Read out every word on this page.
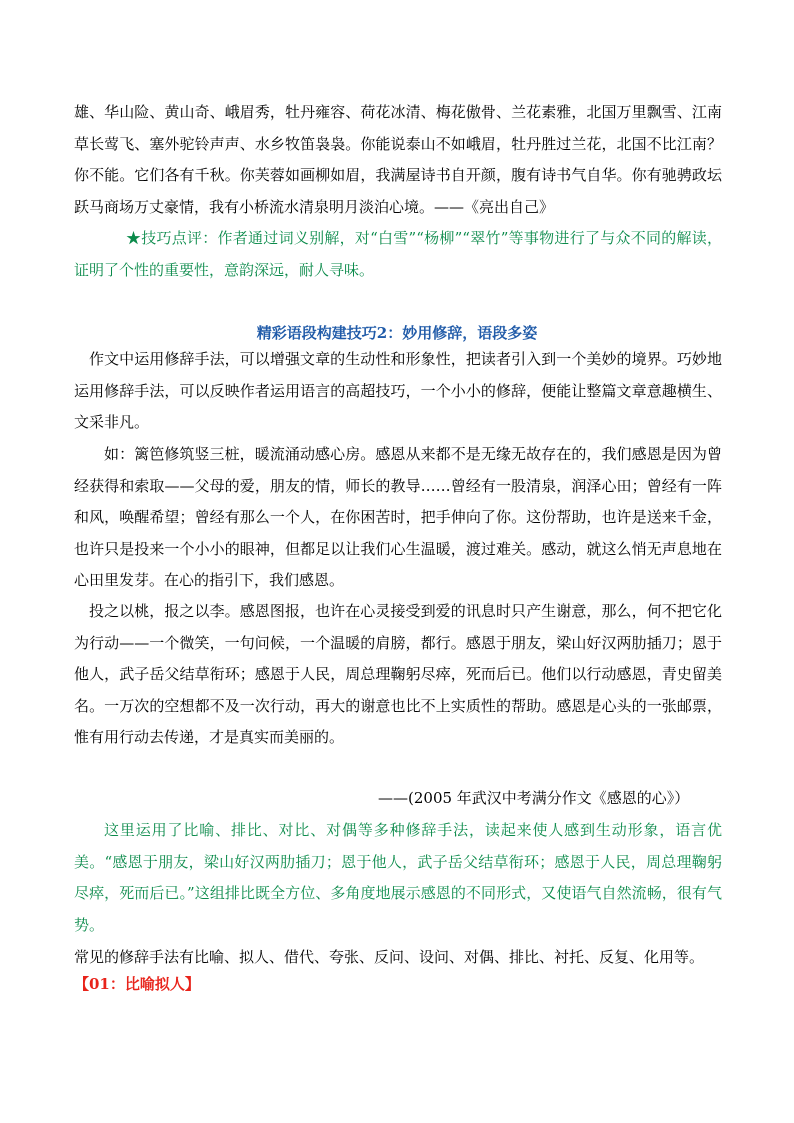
雄、华山险、黄山奇、峨眉秀，牡丹雍容、荷花冰清、梅花傲骨、兰花素雅，北国万里飘雪、江南草长莺飞、塞外驼铃声声、水乡牧笛袅袅。你能说泰山不如峨眉，牡丹胜过兰花，北国不比江南？你不能。它们各有千秋。你芙蓉如画柳如眉，我满屋诗书自开颜，腹有诗书气自华。你有驰骋政坛跃马商场万丈豪情，我有小桥流水清泉明月淡泊心境。——《亮出自己》

★技巧点评：作者通过词义别解，对“白雪”“杨柳”“翠竹”等事物进行了与众不同的解读，证明了个性的重要性，意韵深远，耐人寻味。

精彩语段构建技巧2：妙用修辞，语段多姿

作文中运用修辞手法，可以增强文章的生动性和形象性，把读者引入到一个美妙的境界。巧妙地运用修辞手法，可以反映作者运用语言的高超技巧，一个小小的修辞，便能让整篇文章意趣横生、文采非凡。

如：篱笆修筑竖三桩，暖流涌动感心房。感恩从来都不是无缘无故存在的，我们感恩是因为曾经获得和索取——父母的爱，朋友的情，师长的教导……曾经有一股清泉，润泽心田；曾经有一阵和风，唤醒希望；曾经有那么一个人，在你困苦时，把手伸向了你。这份帮助，也许是送来千金，也许只是投来一个小小的眼神，但都足以让我们心生温暖，渡过难关。感动，就这么悄无声息地在心田里发芽。在心的指引下，我们感恩。

投之以桃，报之以李。感恩图报，也许在心灵接受到爱的讯息时只产生谢意，那么，何不把它化为行动——一个微笑，一句问候，一个温暖的肩膀，都行。感恩于朋友，梁山好汉两肋插刀；恩于他人，武子岳父结草衔环；感恩于人民，周总理鞠躬尽瘁，死而后已。他们以行动感恩，青史留美名。一万次的空想都不及一次行动，再大的谢意也比不上实质性的帮助。感恩是心头的一张邮票，惟有用行动去传递，才是真实而美丽的。

——(2005 年武汉中考满分作文《感恩的心》）

这里运用了比喻、排比、对比、对偶等多种修辞手法，读起来使人感到生动形象，语言优美。“感恩于朋友，梁山好汉两肋插刀；恩于他人，武子岳父结草衔环；感恩于人民，周总理鞠躬尽瘁，死而后已。”这组排比既全方位、多角度地展示感恩的不同形式，又使语气自然流畅，很有气势。

常见的修辞手法有比喻、拟人、借代、夸张、反问、设问、对偶、排比、衬托、反复、化用等。

【01：比喻拟人】
